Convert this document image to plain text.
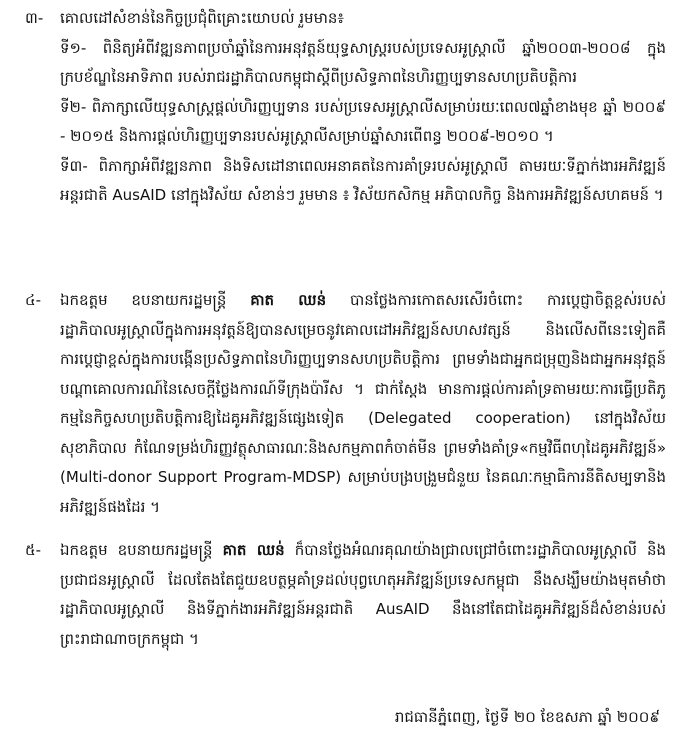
៣- គោលដៅសំខាន់នៃកិច្ចប្រជុំពិគ្រោះយោបល់ រួមមាន៖
ទី១- ពិនិត្យអំពីវឌ្ឍនភាពប្រចាំឆ្នាំនៃការអនុវត្តន៍យុទ្ធសាស្ត្ររបស់ប្រទេសអូស្ត្រាលី ឆ្នាំ២០០៣-២០០៨ ក្នុងក្របខ័ណ្ឌនៃអាទិភាព របស់រាជរដ្ឋាភិបាលកម្ពុជាស្តីពីប្រសិទ្ធភាពនៃហិរញ្ញប្បទានសហប្រតិបត្តិការ
ទី២- ពិភាក្សាលើយុទ្ធសាស្ត្រផ្តល់ហិរញ្ញប្បទាន របស់ប្រទេសអូស្ត្រាលីសម្រាប់រយៈពេល៧ឆ្នាំខាងមុខ ឆ្នាំ ២០០៩ - ២០១៥ និងការផ្តល់ហិរញ្ញប្បទានរបស់អូស្ត្រាលីសម្រាប់ឆ្នាំសារពើពន្ធ ២០០៩-២០១០ ។
ទី៣- ពិភាក្សាអំពីវឌ្ឍនភាព និងទិសដៅនាពេលអនាគតនៃការគាំទ្ររបស់អូស្ត្រាលី តាមរយៈទីភ្នាក់ងារអភិវឌ្ឍន៍អន្តរជាតិ AusAID នៅក្នុងវិស័យ សំខាន់ៗ រួមមាន ៖ វិស័យកសិកម្ម អភិបាលកិច្ច និងការអភិវឌ្ឍន៍សហគមន៍ ។
៤- ឯកឧត្តម ឧបនាយករដ្ឋមន្ត្រី គាត ឈន់ បានថ្លែងការកោតសរសើរចំពោះ ការប្តេជ្ញាចិត្តខ្ពស់របស់រដ្ឋាភិបាលអូស្ត្រាលីក្នុងការអនុវត្តន៍ឱ្យបានសម្រេចនូវគោលដៅអភិវឌ្ឍន៍សហសវត្សន៍ និងលើសពីនេះទៀតគឺ ការប្តេជ្ញាខ្ពស់ក្នុងការបង្កើនប្រសិទ្ធភាពនៃហិរញ្ញប្បទានសហប្រតិបត្តិការ ព្រមទាំងជាអ្នកជម្រុញនិងជាអ្នកអនុវត្តន៍បណ្តាគោលការណ៍នៃសេចក្តីថ្លែងការណ៍ទីក្រុងប៉ារីស ។ ជាក់ស្តែង មានការផ្តល់ការគាំទ្រតាមរយៈការធ្វើប្រតិភូកម្មនៃកិច្ចសហប្រតិបត្តិការឱ្យដៃគូអភិវឌ្ឍន៍ផ្សេងទៀត (Delegated cooperation) នៅក្នុងវិស័យសុខាភិបាល កំណែទម្រង់ហិរញ្ញវត្ថុសាធារណៈនិងសកម្មភាពកំចាត់មីន ព្រមទាំងគាំទ្រ«កម្មវិធីពហុដៃគូអភិវឌ្ឍន៍» (Multi-donor Support Program-MDSP) សម្រាប់បង្របង្រួមជំនួយ នៃគណៈកម្មាធិការនីតិសម្បទានិងអភិវឌ្ឍន៍ផងដែរ ។
៥- ឯកឧត្តម ឧបនាយករដ្ឋមន្ត្រី គាត ឈន់ ក៏បានថ្លែងអំណរគុណយ៉ាងជ្រាលជ្រៅចំពោះរដ្ឋាភិបាលអូស្ត្រាលី និងប្រជាជនអូស្ត្រាលី ដែលតែងតែជួយឧបត្ថម្ភគាំទ្រដល់បុព្វហេតុអភិវឌ្ឍន៍ប្រទេសកម្ពុជា នឹងសង្ឃឹមយ៉ាងមុតមាំថា រដ្ឋាភិបាលអូស្ត្រាលី និងទីភ្នាក់ងារអភិវឌ្ឍន៍អន្តរជាតិ AusAID នឹងនៅតែជាដៃគូអភិវឌ្ឍន៍ដ៏សំខាន់របស់ព្រះរាជាណាចក្រកម្ពុជា ។
រាជធានីភ្នំពេញ, ថ្ងៃទី ២០ ខែឧសភា ឆ្នាំ ២០០៩
